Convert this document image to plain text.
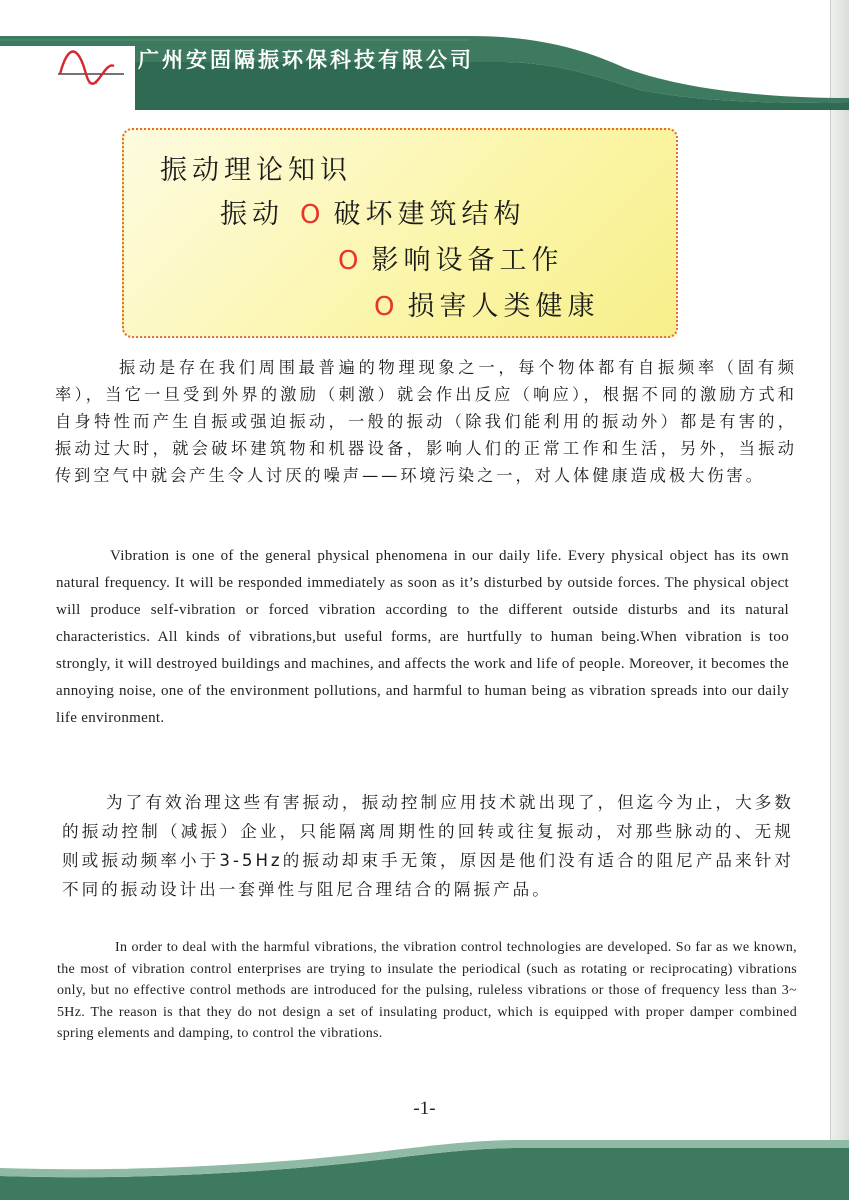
· · ·
广州安固隔振环保科技有限公司
振动理论知识
振动 O 破坏建筑结构
O 影响设备工作
O 损害人类健康

振动是存在我们周围最普遍的物理现象之一，每个物体都有自振频率（固有频率），当它一旦受到外界的激励（刺激）就会作出反应（响应），根据不同的激励方式和自身特性而产生自振或强迫振动，一般的振动（除我们能利用的振动外）都是有害的，振动过大时，就会破坏建筑物和机器设备，影响人们的正常工作和生活，另外，当振动传到空气中就会产生令人讨厌的噪声——环境污染之一，对人体健康造成极大伤害。

Vibration is one of the general physical phenomena in our daily life. Every physical object has its own natural frequency. It will be responded immediately as soon as it’s disturbed by outside forces. The physical object will produce self-vibration or forced vibration according to the different outside disturbs and its natural characteristics. All kinds of vibrations,but useful forms, are hurtfully to human being.When vibration is too strongly, it will destroyed buildings and machines, and affects the work and life of people. Moreover, it becomes the annoying noise, one of the environment pollutions, and harmful to human being as vibration spreads into our daily life environment.

为了有效治理这些有害振动，振动控制应用技术就出现了，但迄今为止，大多数的振动控制（减振）企业，只能隔离周期性的回转或往复振动，对那些脉动的、无规则或振动频率小于3-5Hz的振动却束手无策，原因是他们没有适合的阻尼产品来针对不同的振动设计出一套弹性与阻尼合理结合的隔振产品。

In order to deal with the harmful vibrations, the vibration control technologies are developed. So far as we known, the most of vibration control enterprises are trying to insulate the periodical (such as rotating or reciprocating) vibrations only, but no effective control methods are introduced for the pulsing, ruleless vibrations or those of frequency less than 3~ 5Hz. The reason is that they do not design a set of insulating product, which is equipped with proper damper combined spring elements and damping, to control the vibrations.

-1-
